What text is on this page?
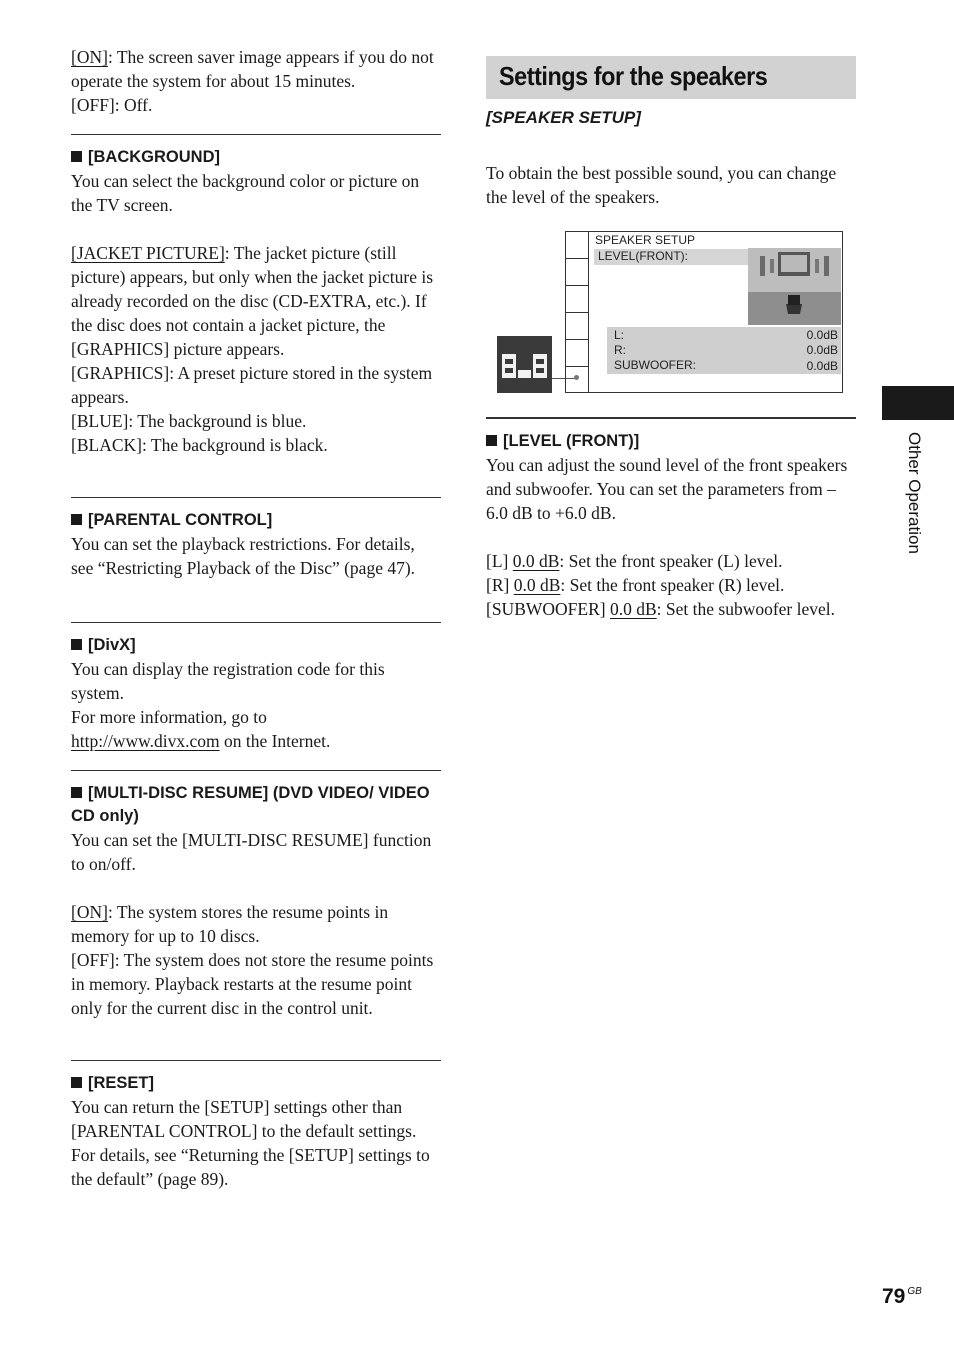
[ON]: The screen saver image appears if you do not operate the system for about 15 minutes.

[OFF]: Off.

[BACKGROUND]

You can select the background color or picture on the TV screen.

[JACKET PICTURE]: The jacket picture (still picture) appears, but only when the jacket picture is already recorded on the disc (CD-EXTRA, etc.). If the disc does not contain a jacket picture, the [GRAPHICS] picture appears.

[GRAPHICS]: A preset picture stored in the system appears.

[BLUE]: The background is blue.

[BLACK]: The background is black.

[PARENTAL CONTROL]

You can set the playback restrictions. For details, see “Restricting Playback of the Disc” (page 47).

[DivX]

You can display the registration code for this system.

For more information, go to

http://www.divx.com on the Internet.

[MULTI-DISC RESUME] (DVD VIDEO/ VIDEO CD only)

You can set the [MULTI-DISC RESUME] function to on/off.

[ON]: The system stores the resume points in memory for up to 10 discs.

[OFF]: The system does not store the resume points in memory. Playback restarts at the resume point only for the current disc in the control unit.

[RESET]

You can return the [SETUP] settings other than [PARENTAL CONTROL] to the default settings. For details, see “Returning the [SETUP] settings to the default” (page 89).

Settings for the speakers
[SPEAKER SETUP]

To obtain the best possible sound, you can change the level of the speakers.

SPEAKER SETUP
LEVEL(FRONT):
L:	0.0dB
R:	0.0dB
SUBWOOFER:	0.0dB

[LEVEL (FRONT)]

You can adjust the sound level of the front speakers and subwoofer. You can set the parameters from –6.0 dB to +6.0 dB.

[L] 0.0 dB: Set the front speaker (L) level.

[R] 0.0 dB: Set the front speaker (R) level.

[SUBWOOFER] 0.0 dB: Set the subwoofer level.

Other Operation
79 $^{GB}$
